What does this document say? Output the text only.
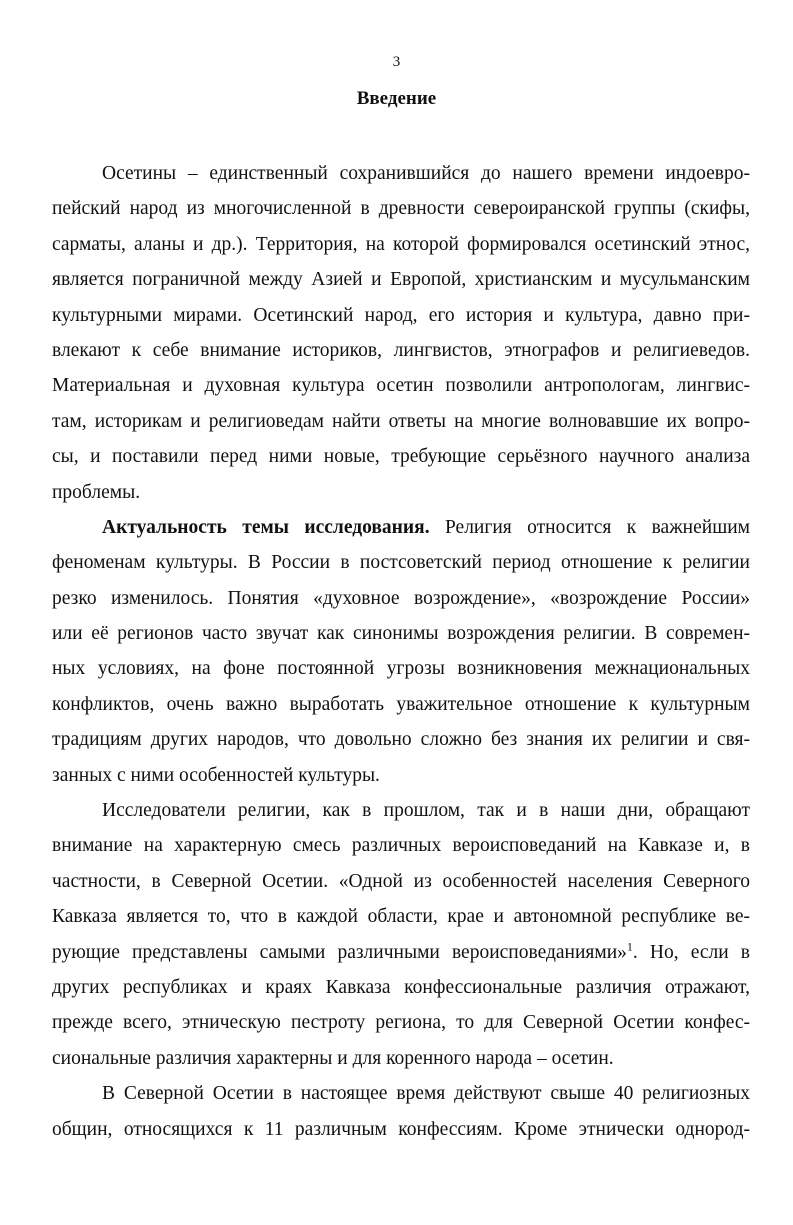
3
Введение
Осетины – единственный сохранившийся до нашего времени индоевро-
пейский народ из многочисленной в древности североиранской группы (скифы,
сарматы, аланы и др.). Территория, на которой формировался осетинский этнос,
является пограничной между Азией и Европой, христианским и мусульманским
культурными мирами. Осетинский народ, его история и культура, давно при-
влекают к себе внимание историков, лингвистов, этнографов и религиеведов.
Материальная и духовная культура осетин позволили антропологам, лингвис-
там, историкам и религиоведам найти ответы на многие волновавшие их вопро-
сы, и поставили перед ними новые, требующие серьёзного научного анализа
проблемы.
Актуальность темы исследования. Религия относится к важнейшим
феноменам культуры. В России в постсоветский период отношение к религии
резко изменилось. Понятия «духовное возрождение», «возрождение России»
или её регионов часто звучат как синонимы возрождения религии. В современ-
ных условиях, на фоне постоянной угрозы возникновения межнациональных
конфликтов, очень важно выработать уважительное отношение к культурным
традициям других народов, что довольно сложно без знания их религии и свя-
занных с ними особенностей культуры.
Исследователи религии, как в прошлом, так и в наши дни, обращают
внимание на характерную смесь различных вероисповеданий на Кавказе и, в
частности, в Северной Осетии. «Одной из особенностей населения Северного
Кавказа является то, что в каждой области, крае и автономной республике ве-
рующие представлены самыми различными вероисповеданиями»$^1$. Но, если в
других республиках и краях Кавказа конфессиональные различия отражают,
прежде всего, этническую пестроту региона, то для Северной Осетии конфес-
сиональные различия характерны и для коренного народа – осетин.
В Северной Осетии в настоящее время действуют свыше 40 религиозных
общин, относящихся к 11 различным конфессиям. Кроме этнически однород-
